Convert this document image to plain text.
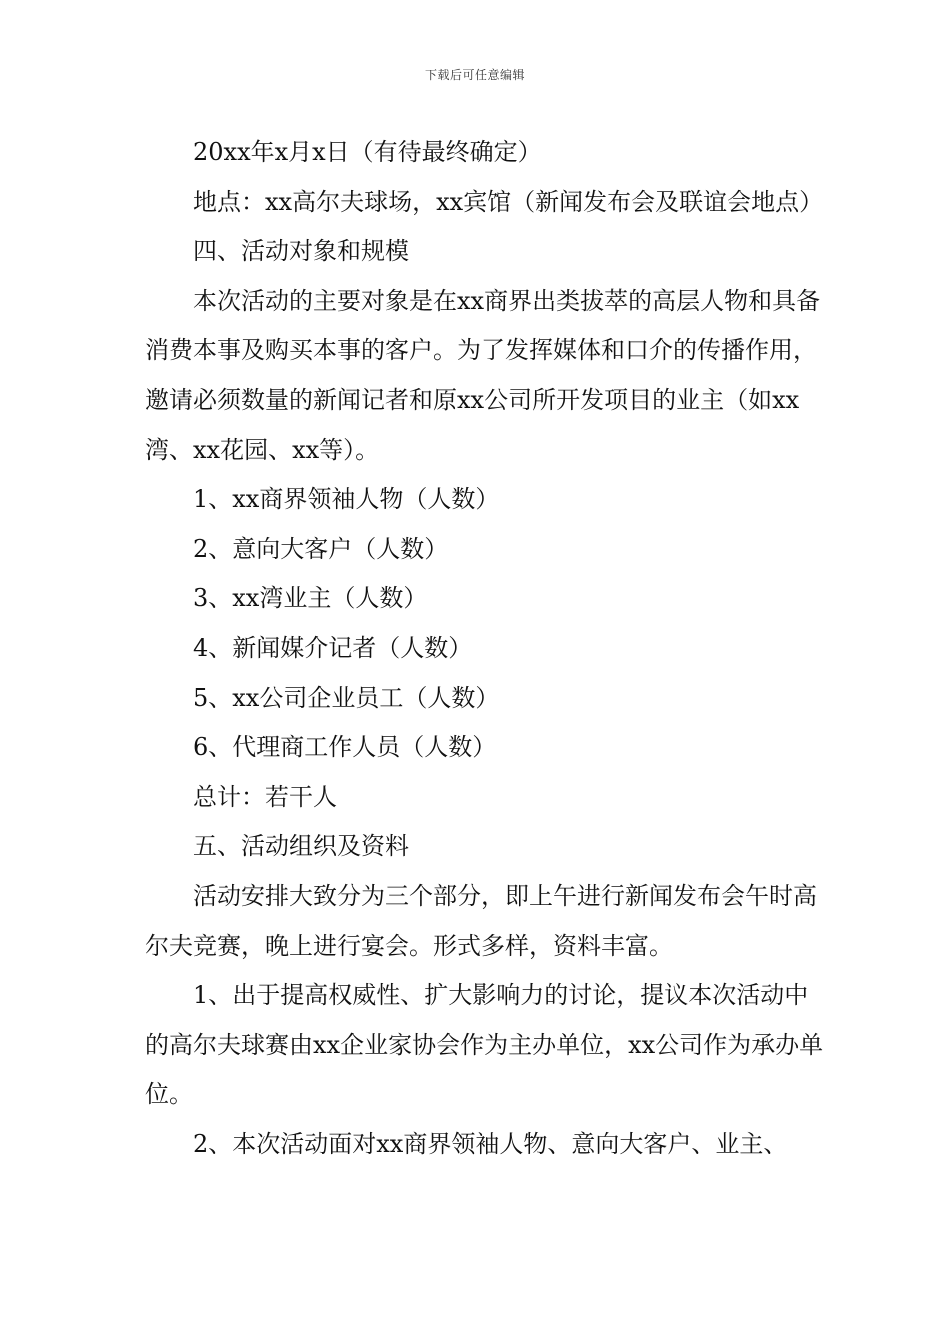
下载后可任意编辑

20xx年x月x日（有待最终确定）

地点：xx高尔夫球场，xx宾馆（新闻发布会及联谊会地点）

四、活动对象和规模

本次活动的主要对象是在xx商界出类拔萃的高层人物和具备消费本事及购买本事的客户。为了发挥媒体和口介的传播作用，邀请必须数量的新闻记者和原xx公司所开发项目的业主（如xx湾、xx花园、xx等）。

1、xx商界领袖人物（人数）

2、意向大客户（人数）

3、xx湾业主（人数）

4、新闻媒介记者（人数）

5、xx公司企业员工（人数）

6、代理商工作人员（人数）

总计：若干人

五、活动组织及资料

活动安排大致分为三个部分，即上午进行新闻发布会午时高尔夫竞赛，晚上进行宴会。形式多样，资料丰富。

1、出于提高权威性、扩大影响力的讨论，提议本次活动中的高尔夫球赛由xx企业家协会作为主办单位，xx公司作为承办单位。

2、本次活动面对xx商界领袖人物、意向大客户、业主、
